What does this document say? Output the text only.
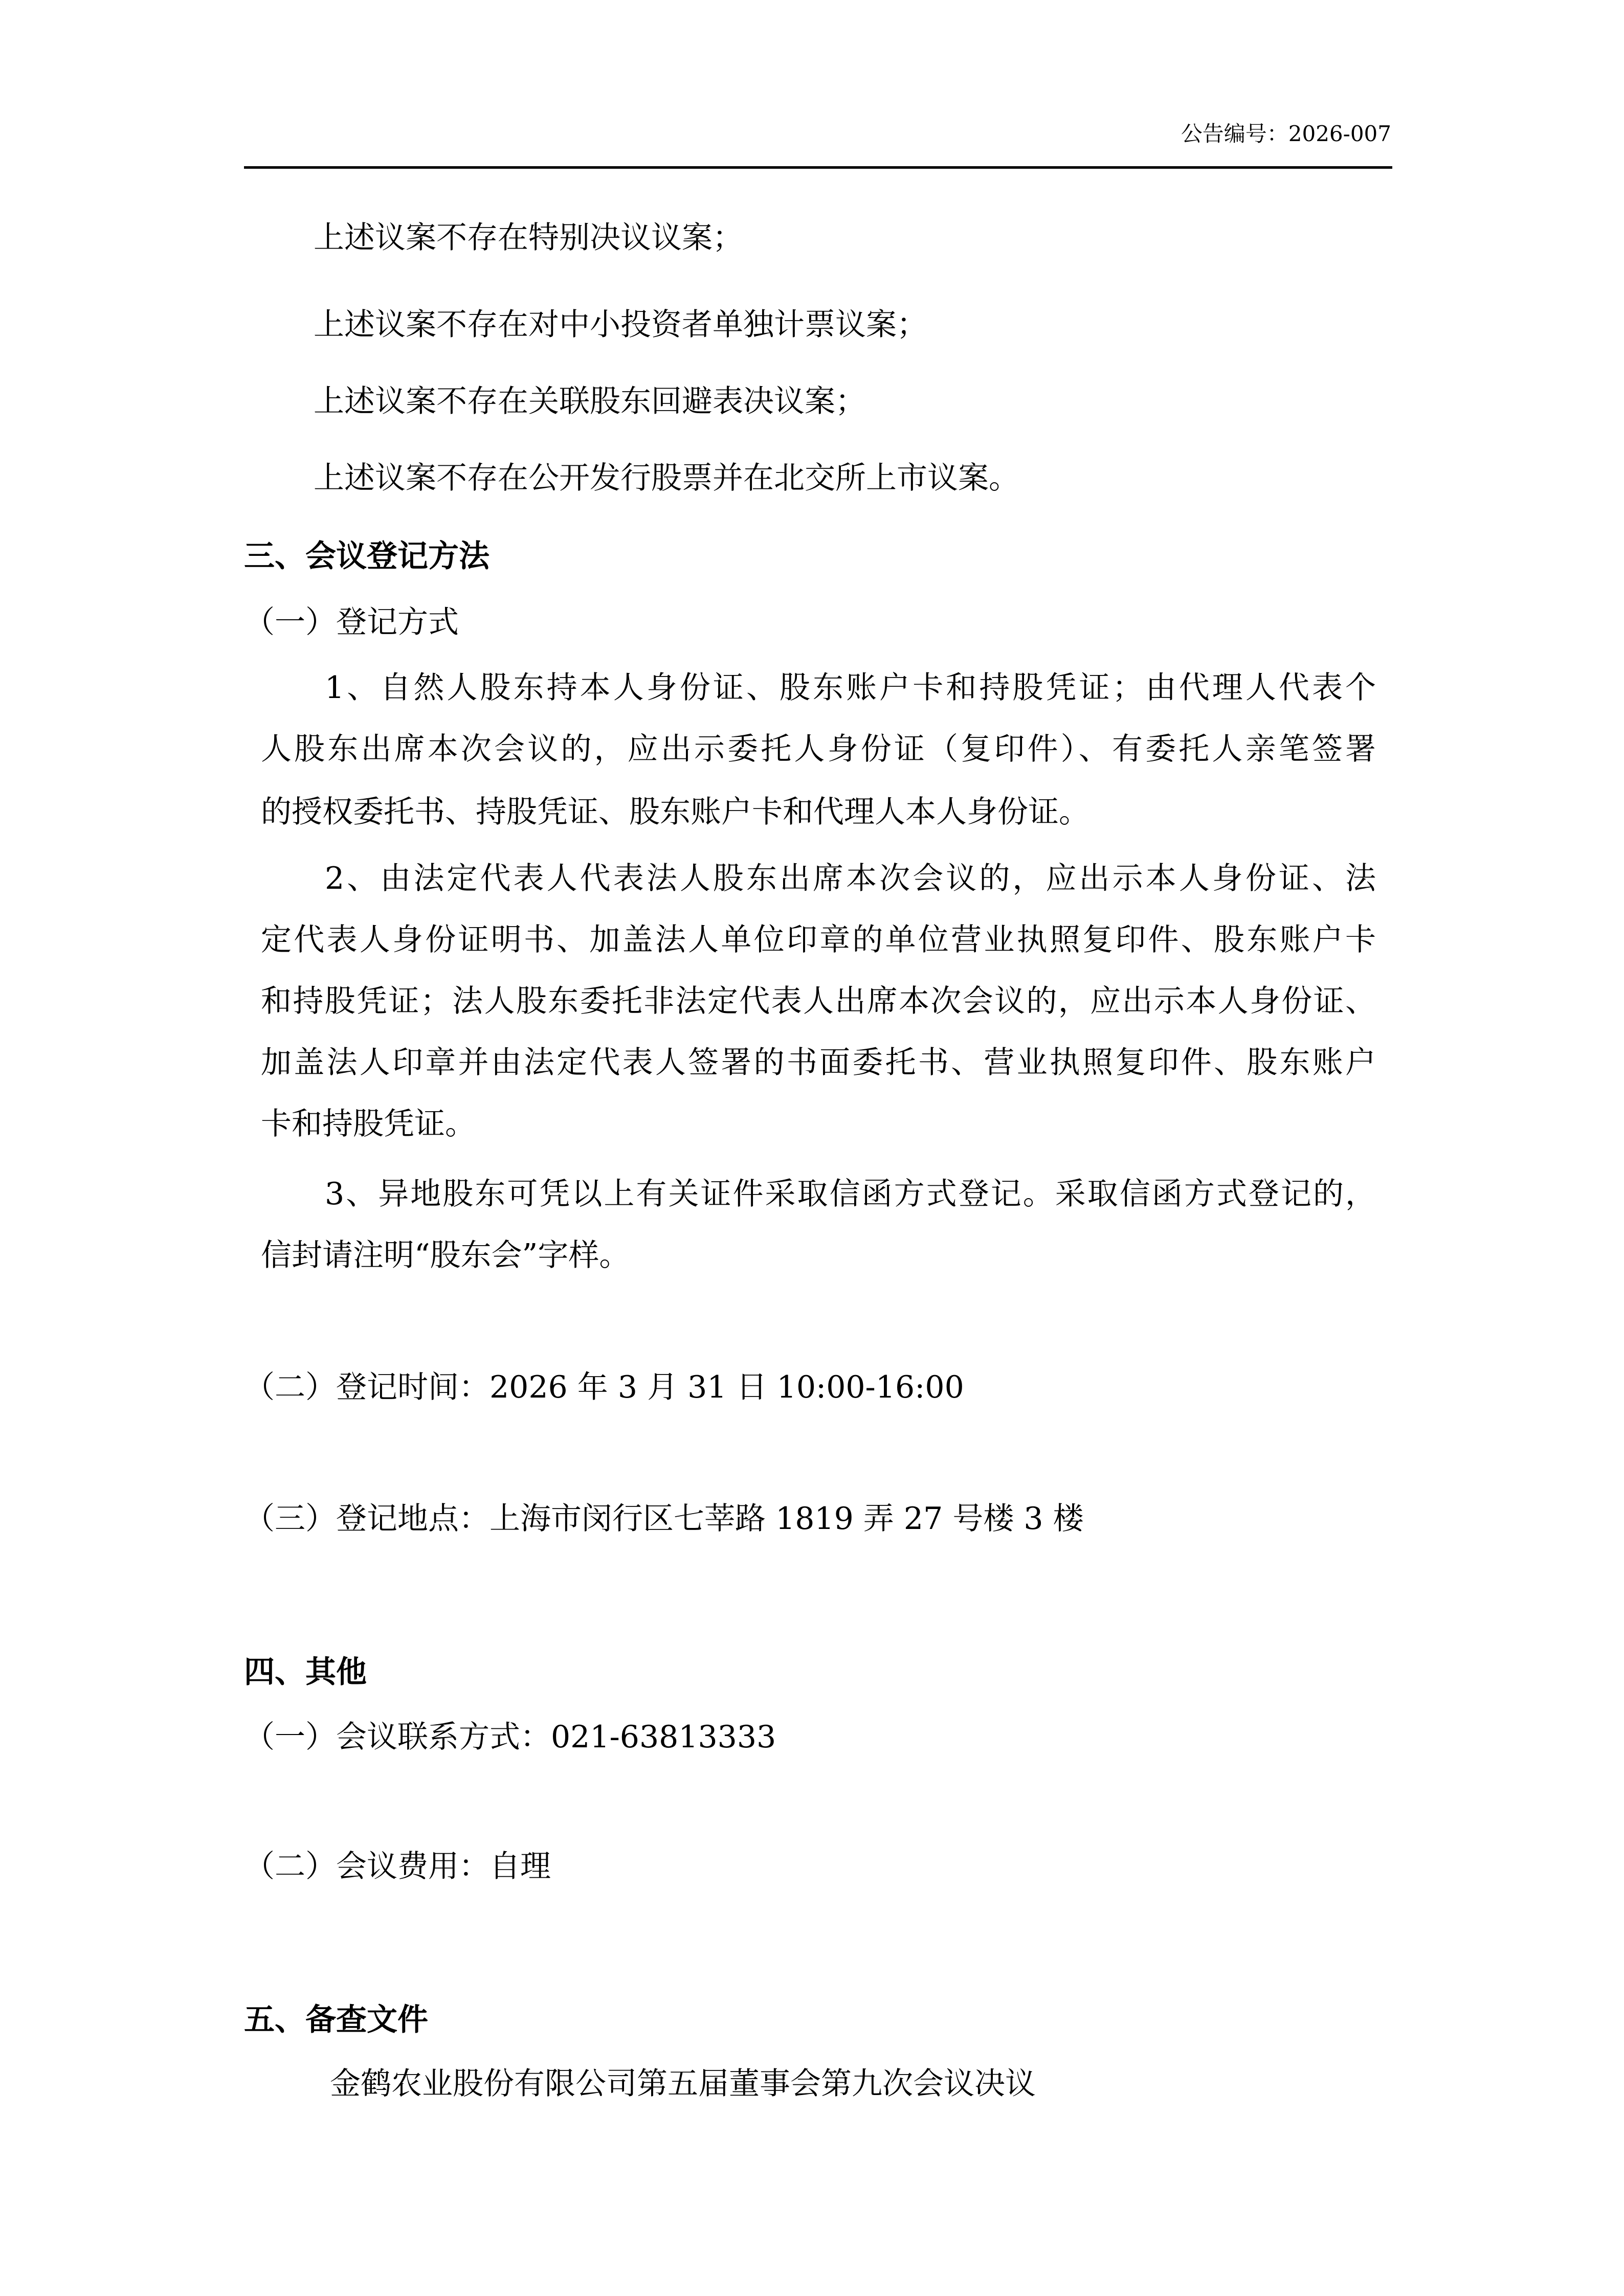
公告编号：2026-007
上述议案不存在特别决议议案；
上述议案不存在对中小投资者单独计票议案；
上述议案不存在关联股东回避表决议案；
上述议案不存在公开发行股票并在北交所上市议案。
三、会议登记方法
（一）登记方式
1、自然人股东持本人身份证、股东账户卡和持股凭证；由代理人代表个
人股东出席本次会议的，应出示委托人身份证（复印件）、有委托人亲笔签署
的授权委托书、持股凭证、股东账户卡和代理人本人身份证。
2、由法定代表人代表法人股东出席本次会议的，应出示本人身份证、法
定代表人身份证明书、加盖法人单位印章的单位营业执照复印件、股东账户卡
和持股凭证；法人股东委托非法定代表人出席本次会议的，应出示本人身份证、
加盖法人印章并由法定代表人签署的书面委托书、营业执照复印件、股东账户
卡和持股凭证。
3、异地股东可凭以上有关证件采取信函方式登记。采取信函方式登记的，
信封请注明“股东会”字样。
（二）登记时间：2026 年 3 月 31 日 10:00-16:00
（三）登记地点：上海市闵行区七莘路 1819 弄 27 号楼 3 楼
四、其他
（一）会议联系方式：021-63813333
（二）会议费用：自理
五、备查文件
金鹤农业股份有限公司第五届董事会第九次会议决议
